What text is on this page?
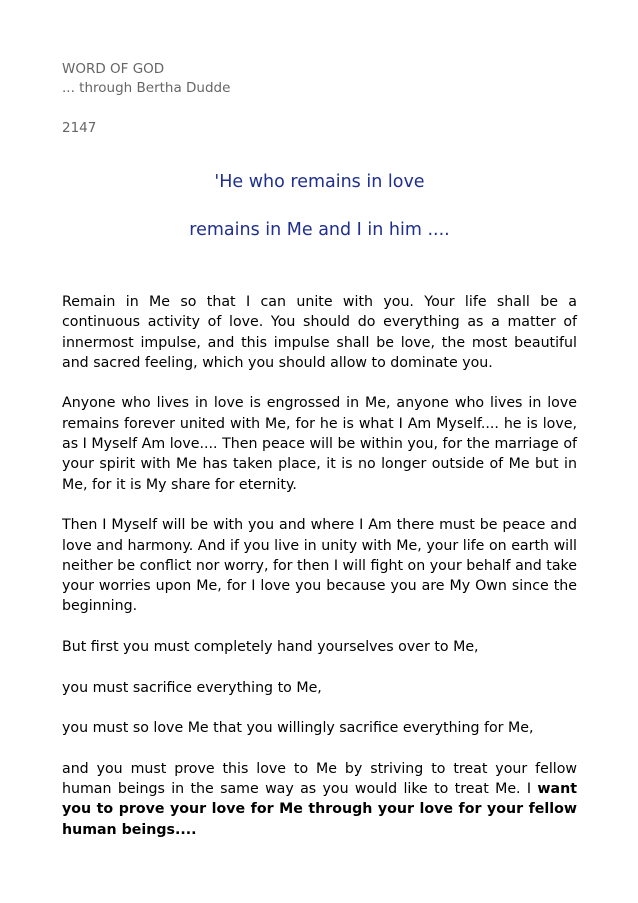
WORD OF GOD

... through Bertha Dudde

2147

'He who remains in love
remains in Me and I in him ....

Remain in Me so that I can unite with you. Your life shall be a continuous activity of love. You should do everything as a matter of innermost impulse, and this impulse shall be love, the most beautiful and sacred feeling, which you should allow to dominate you.

Anyone who lives in love is engrossed in Me, anyone who lives in love remains forever united with Me, for he is what I Am Myself.... he is love, as I Myself Am love.... Then peace will be within you, for the marriage of your spirit with Me has taken place, it is no longer outside of Me but in Me, for it is My share for eternity.

Then I Myself will be with you and where I Am there must be peace and love and harmony. And if you live in unity with Me, your life on earth will neither be conflict nor worry, for then I will fight on your behalf and take your worries upon Me, for I love you because you are My Own since the beginning.

But first you must completely hand yourselves over to Me,

you must sacrifice everything to Me,

you must so love Me that you willingly sacrifice everything for Me,

and you must prove this love to Me by striving to treat your fellow human beings in the same way as you would like to treat Me. I want you to prove your love for Me through your love for your fellow human beings....
